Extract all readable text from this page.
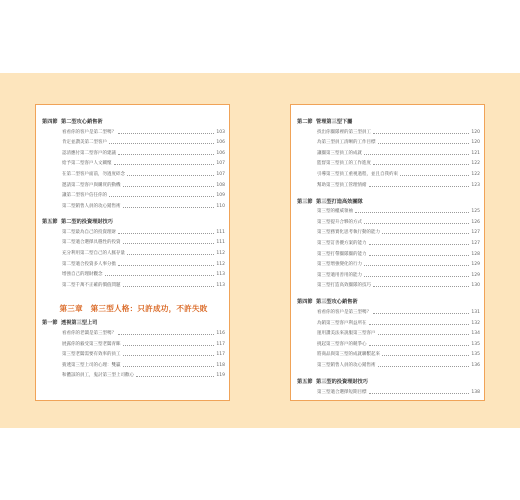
第四節 第二型攻心銷售術
看看你的客戶是第二型嗎？	103
肯定並讚美第二型客戶	106
認清應付第二型客戶的建議	106
給予第二型客戶人文關懷	107
在第二型客戶面前，勿過度碎念	107
邀請第二型客戶與購買的動機	108
讓第二型客戶信任你的	109
第二型銷售人員的攻心銷售術	110
第五節 第二型的投資理財技巧
第二型最為自己的投資理財	111
第二型適合選擇具穩性的投資	111
充分利用第二型自己的人脈存量	112
第二型適合投資多人事分擔	112
增強自己的理財觀念	113
第二型千萬不正確的價值問題	113
第三章　第三型人格：只許成功，不許失敗
第一節 透視第三型上司
看看你的老闆是第三型嗎？	116
展露你的毅受第三型老闆青睞	117
第三型老闆需要有效率的員工	117
猜透第三型上司的心理：雙贏	118
和體諒的員工，鬼討第三型上司歡心	119
第二節 管理第三型下屬
找出你團隊裡的第三型員工	120
為第三型員工清晰的工作目標	120
讓團第三型員工的成就	121
監督第三型員工的工作進度	122
引導第三型員工重視過程，並且自我約束	122
幫助第三型員工管理情緒	123
第三節 第三型打造高效團隊
第三型的權威領袖	125
第三型提升合夥的方式	126
第三型務實化思考執行動的能力	127
第三型訂善優方案的能力	127
第三型打帶團隊團的能力	128
第三型增強變化的行力	129
第三型適用善用的能力	129
第三型打造高效團隊的技巧	130
第四節 第三型攻心銷售術
看看你的客戶是第三型嗎？	131
為銷第三型客戶利益所在	132
運用讚美法來說服第三型客戶	134
挑起第三型客戶的競爭心	135
將商品與第三型的成就聯繫起來	135
第三型銷售人員的攻心銷售術	136
第五節 第三型的投資理財技巧
第三型適合選擇短期目標	138
